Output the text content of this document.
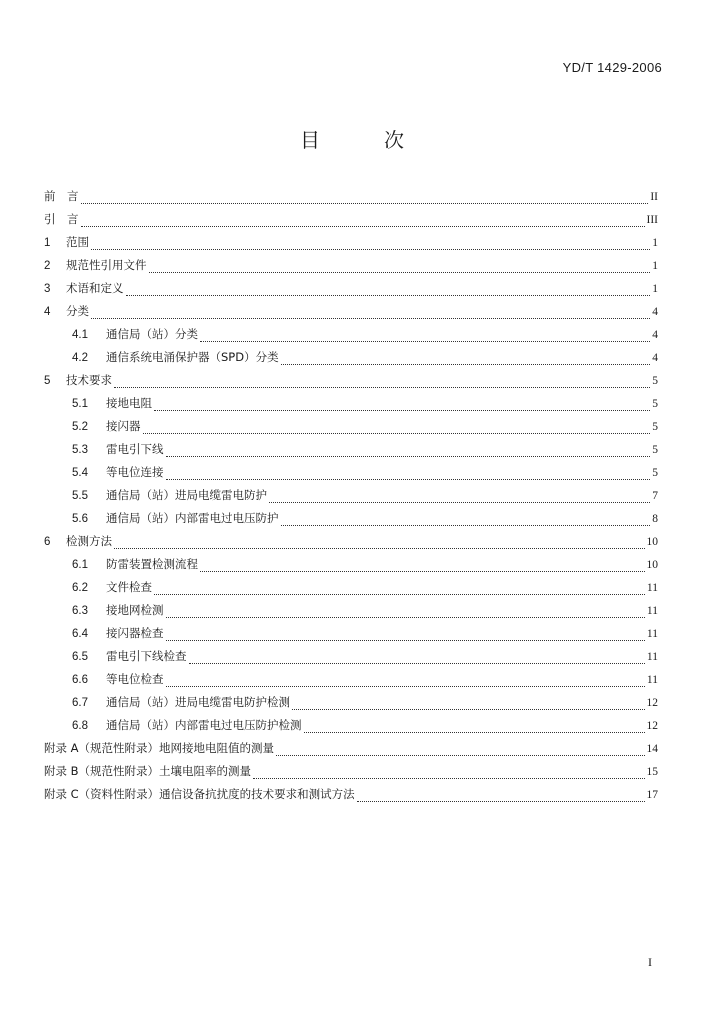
YD/T 1429-2006
目	次
前　言	II
引　言	III
1	范围	1
2	规范性引用文件	1
3	术语和定义	1
4	分类	4
4.1	通信局（站）分类	4
4.2	通信系统电涌保护器（SPD）分类	4
5	技术要求	5
5.1	接地电阻	5
5.2	接闪器	5
5.3	雷电引下线	5
5.4	等电位连接	5
5.5	通信局（站）进局电缆雷电防护	7
5.6	通信局（站）内部雷电过电压防护	8
6	检测方法	10
6.1	防雷装置检测流程	10
6.2	文件检查	11
6.3	接地网检测	11
6.4	接闪器检查	11
6.5	雷电引下线检查	11
6.6	等电位检查	11
6.7	通信局（站）进局电缆雷电防护检测	12
6.8	通信局（站）内部雷电过电压防护检测	12
附录 A（规范性附录）地网接地电阻值的测量	14
附录 B（规范性附录）土壤电阻率的测量	15
附录 C（资料性附录）通信设备抗扰度的技术要求和测试方法	17
I
